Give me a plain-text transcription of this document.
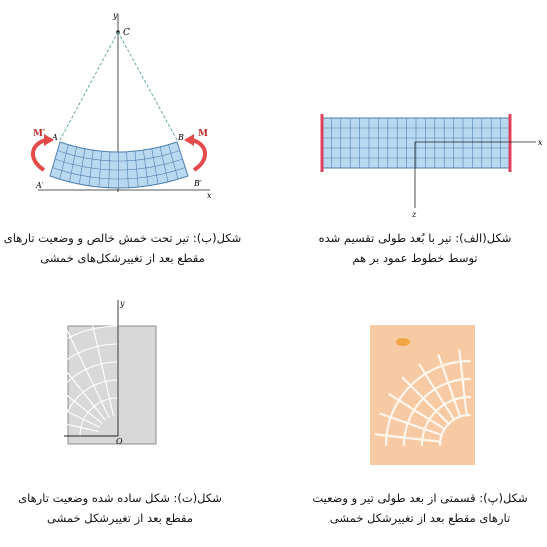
y
x
C
A	B
A′	B′
M′	M
شکل(ب): تیر تحت خمش خالص و وضعیت تارهای
مقطع بعد از تغییرشکل‌های خمشی
x
z
شکل(الف): تیر با بُعد طولی تقسیم شده
توسط خطوط عمود بر هم
y
O
شکل(ت): شکل ساده شده وضعیت تارهای
مقطع بعد از تغییرشکل خمشی
شکل(پ): قسمتی از بعد طولی تیر و وضعیت
تارهای مقطع بعد از تغییرشکل خمشی
